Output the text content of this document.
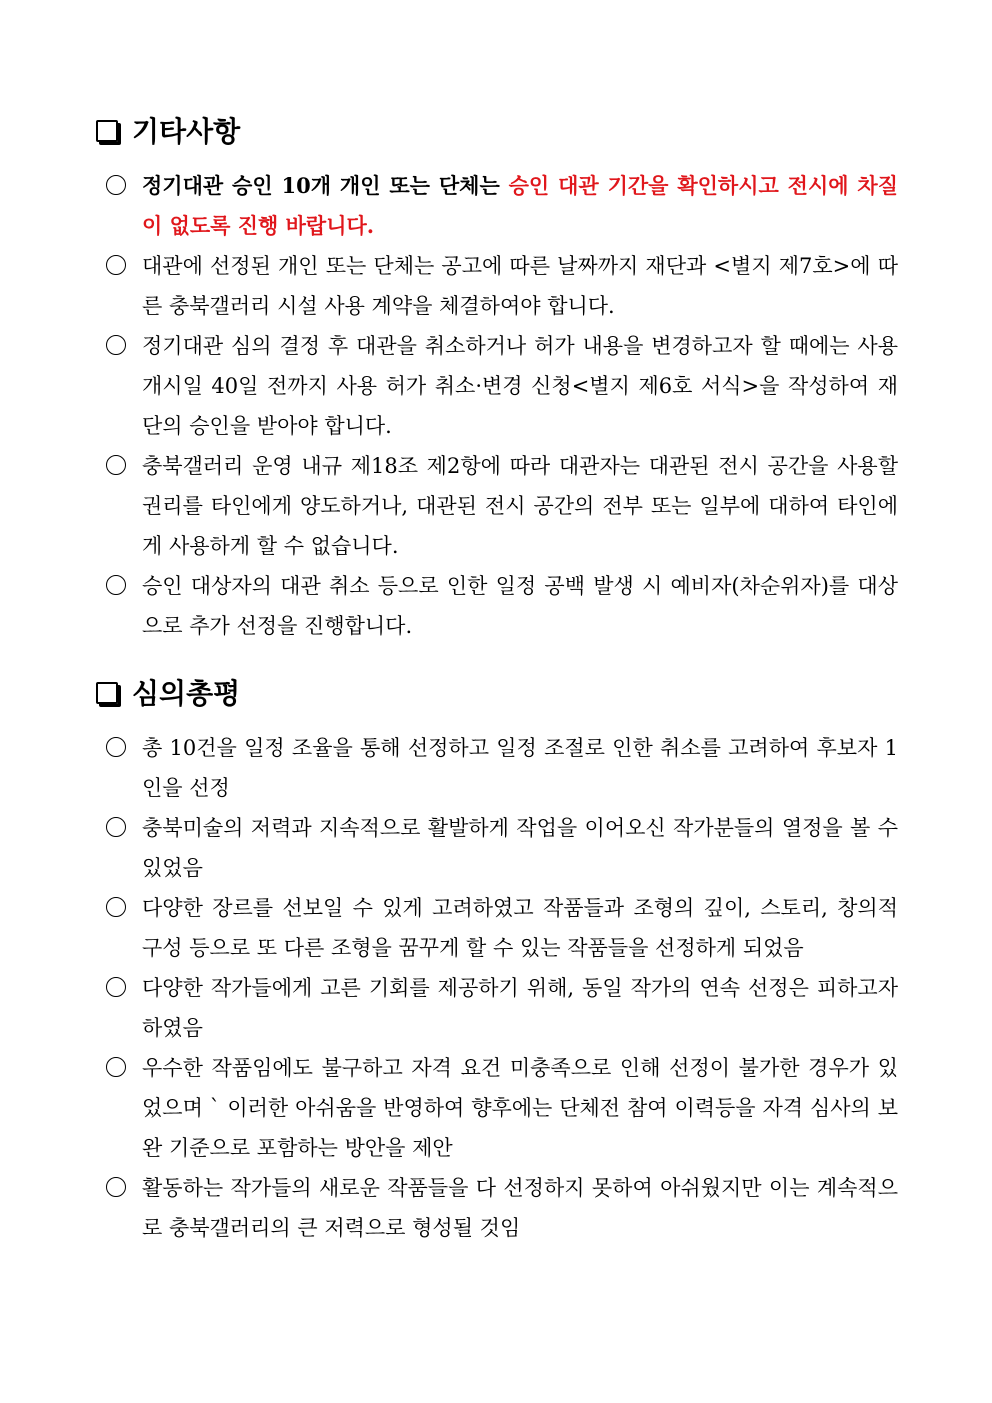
기타사항
정기대관 승인 10개 개인 또는 단체는 승인 대관 기간을 확인하시고 전시에 차질이 없도록 진행 바랍니다.
대관에 선정된 개인 또는 단체는 공고에 따른 날짜까지 재단과 <별지 제7호>에 따른 충북갤러리 시설 사용 계약을 체결하여야 합니다.
정기대관 심의 결정 후 대관을 취소하거나 허가 내용을 변경하고자 할 때에는 사용 개시일 40일 전까지 사용 허가 취소·변경 신청<별지 제6호 서식>을 작성하여 재단의 승인을 받아야 합니다.
충북갤러리 운영 내규 제18조 제2항에 따라 대관자는 대관된 전시 공간을 사용할 권리를 타인에게 양도하거나, 대관된 전시 공간의 전부 또는 일부에 대하여 타인에게 사용하게 할 수 없습니다.
승인 대상자의 대관 취소 등으로 인한 일정 공백 발생 시 예비자(차순위자)를 대상으로 추가 선정을 진행합니다.
심의총평
총 10건을 일정 조율을 통해 선정하고 일정 조절로 인한 취소를 고려하여 후보자 1인을 선정
충북미술의 저력과 지속적으로 활발하게 작업을 이어오신 작가분들의 열정을 볼 수 있었음
다양한 장르를 선보일 수 있게 고려하였고 작품들과 조형의 깊이, 스토리, 창의적 구성 등으로 또 다른 조형을 꿈꾸게 할 수 있는 작품들을 선정하게 되었음
다양한 작가들에게 고른 기회를 제공하기 위해, 동일 작가의 연속 선정은 피하고자 하였음
우수한 작품임에도 불구하고 자격 요건 미충족으로 인해 선정이 불가한 경우가 있었으며 ˋ 이러한 아쉬움을 반영하여 향후에는 단체전 참여 이력등을 자격 심사의 보완 기준으로 포함하는 방안을 제안
활동하는 작가들의 새로운 작품들을 다 선정하지 못하여 아쉬웠지만 이는 계속적으로 충북갤러리의 큰 저력으로 형성될 것임
